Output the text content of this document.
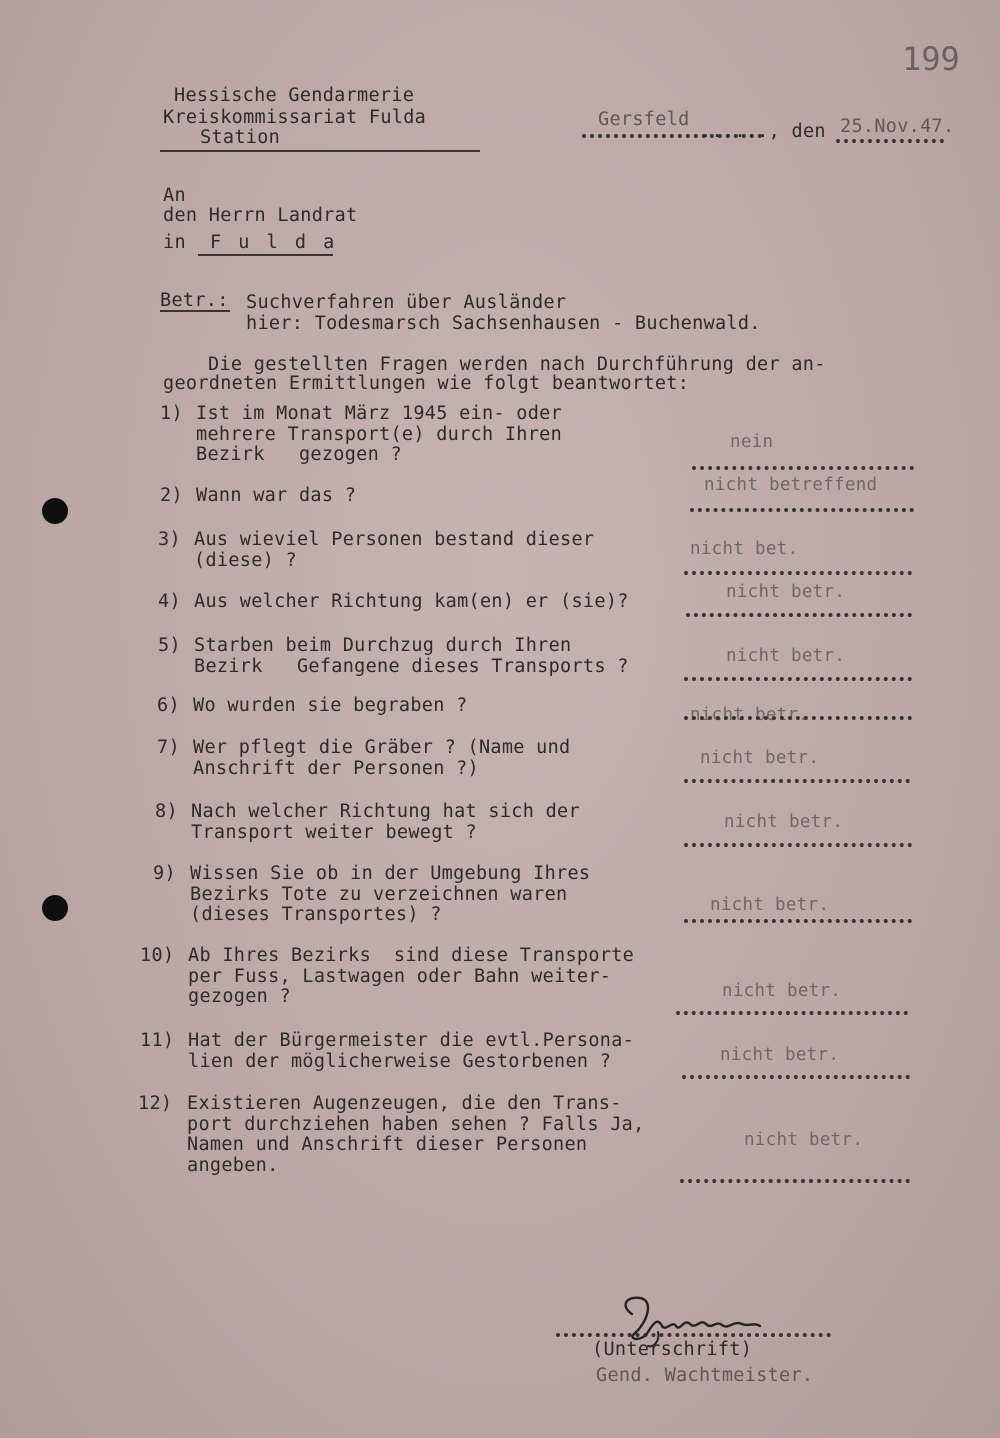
199
Hessische Gendarmerie
Kreiskommissariat Fulda
Station
Gersfeld
......, den 25.Nov.47.
An
den Herrn Landrat
in F u l d a
Betr.: Suchverfahren über Ausländer
hier: Todesmarsch Sachsenhausen - Buchenwald.
Die gestellten Fragen werden nach Durchführung der an-
geordneten Ermittlungen wie folgt beantwortet:
1) Ist im Monat März 1945 ein- oder
mehrere Transport(e) durch Ihren
Bezirk   gezogen ?
nein
2) Wann war das ?	nicht betreffend
3) Aus wieviel Personen bestand dieser
(diese) ?
nicht bet.
4) Aus welcher Richtung kam(en) er (sie)?	nicht betr.
5) Starben beim Durchzug durch Ihren
Bezirk   Gefangene dieses Transports ?	nicht betr.
6) Wo wurden sie begraben ?	nicht betr.
7) Wer pflegt die Gräber ? (Name und
Anschrift der Personen ?)	nicht betr.
8) Nach welcher Richtung hat sich der
Transport weiter bewegt ?	nicht betr.
9) Wissen Sie ob in der Umgebung Ihres
Bezirks Tote zu verzeichnen waren
(dieses Transportes) ?	nicht betr.
10) Ab Ihres Bezirks  sind diese Transporte
per Fuss, Lastwagen oder Bahn weiter-
gezogen ?	nicht betr.
11) Hat der Bürgermeister die evtl.Persona-
lien der möglicherweise Gestorbenen ?	nicht betr.
12) Existieren Augenzeugen, die den Trans-
port durchziehen haben sehen ? Falls Ja,
Namen und Anschrift dieser Personen
angeben.
nicht betr.
(Unterschrift)
Gend. Wachtmeister.
